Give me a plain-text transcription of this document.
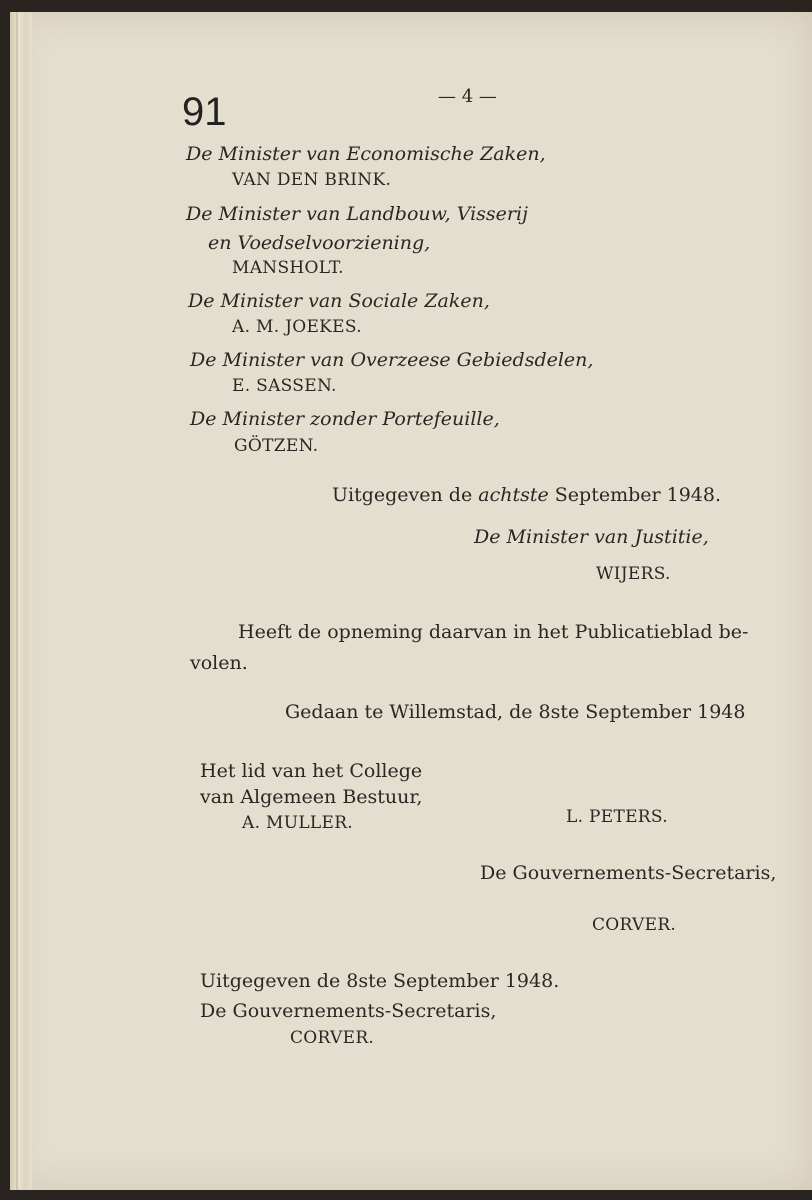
91	— 4 —
De Minister van Economische Zaken,
VAN DEN BRINK.
De Minister van Landbouw, Visserij
en Voedselvoorziening,
MANSHOLT.
De Minister van Sociale Zaken,
A. M. JOEKES.
De Minister van Overzeese Gebiedsdelen,
E. SASSEN.
De Minister zonder Portefeuille,
GÖTZEN.
Uitgegeven de achtste September 1948.
De Minister van Justitie,
WIJERS.
Heeft de opneming daarvan in het Publicatieblad be-
volen.
Gedaan te Willemstad, de 8ste September 1948
Het lid van het College
van Algemeen Bestuur,
A. MULLER.	L. PETERS.
De Gouvernements-Secretaris,
CORVER.
Uitgegeven de 8ste September 1948.
De Gouvernements-Secretaris,
CORVER.
